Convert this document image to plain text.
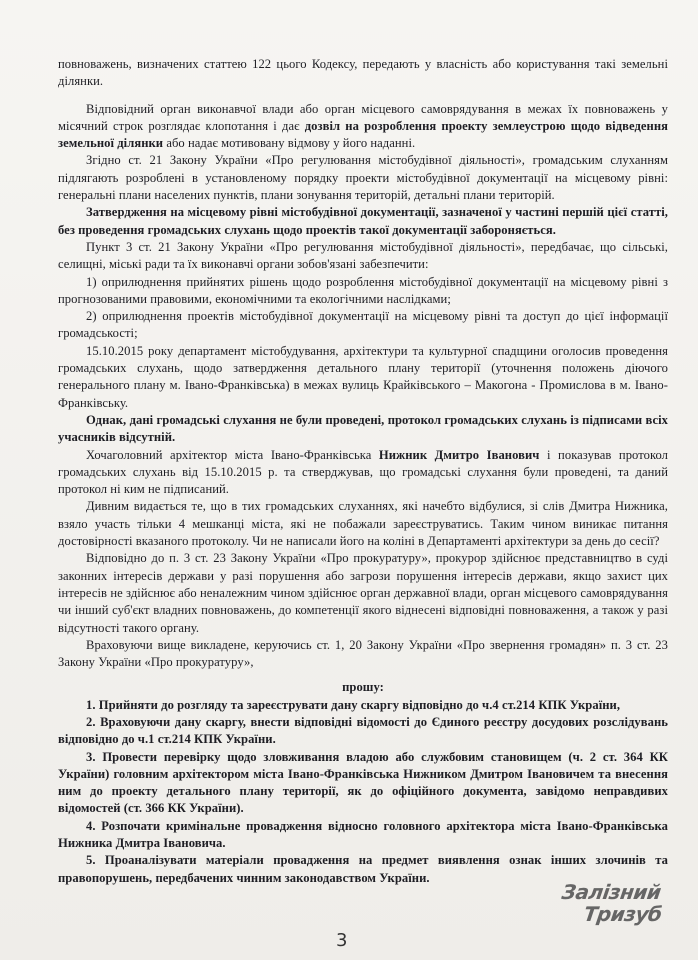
повноважень, визначених статтею 122 цього Кодексу, передають у власність або користування такі земельні ділянки.

Відповідний орган виконавчої влади або орган місцевого самоврядування в межах їх повноважень у місячний строк розглядає клопотання і дає дозвіл на розроблення проекту землеустрою щодо відведення земельної ділянки або надає мотивовану відмову у його наданні.

Згідно ст. 21 Закону України «Про регулювання містобудівної діяльності», громадським слуханням підлягають розроблені в установленому порядку проекти містобудівної документації на місцевому рівні: генеральні плани населених пунктів, плани зонування територій, детальні плани територій.

Затвердження на місцевому рівні містобудівної документації, зазначеної у частині першій цієї статті, без проведення громадських слухань щодо проектів такої документації забороняється.

Пункт 3 ст. 21 Закону України «Про регулювання містобудівної діяльності», передбачає, що сільські, селищні, міські ради та їх виконавчі органи зобов'язані забезпечити:

1) оприлюднення прийнятих рішень щодо розроблення містобудівної документації на місцевому рівні з прогнозованими правовими, економічними та екологічними наслідками;

2) оприлюднення проектів містобудівної документації на місцевому рівні та доступ до цієї інформації громадськості;

15.10.2015 року департамент містобудування, архітектури та культурної спадщини оголосив проведення громадських слухань, щодо затвердження детального плану території (уточнення положень діючого генерального плану м. Івано-Франківська) в межах вулиць Крайківського – Макогона - Промислова в м. Івано-Франківську.

Однак, дані громадські слухання не були проведені, протокол громадських слухань із підписами всіх учасників відсутній.

Хочаголовний архітектор міста Івано-Франківська Нижник Дмитро Іванович і показував протокол громадських слухань від 15.10.2015 р. та стверджував, що громадські слухання були проведені, та даний протокол ні ким не підписаний.

Дивним видається те, що в тих громадських слуханнях, які начебто відбулися, зі слів Дмитра Нижника, взяло участь тільки 4 мешканці міста, які не побажали зареєструватись. Таким чином виникає питання достовірності вказаного протоколу. Чи не написали його на коліні в Департаменті архітектури за день до сесії?

Відповідно до п. 3 ст. 23 Закону України «Про прокуратуру», прокурор здійснює представництво в суді законних інтересів держави у разі порушення або загрози порушення інтересів держави, якщо захист цих інтересів не здійснює або неналежним чином здійснює орган державної влади, орган місцевого самоврядування чи інший суб'єкт владних повноважень, до компетенції якого віднесені відповідні повноваження, а також у разі відсутності такого органу.

Враховуючи вище викладене, керуючись ст. 1, 20 Закону України «Про звернення громадян» п. 3 ст. 23 Закону України «Про прокуратуру»,

прошу:

1. Прийняти до розгляду та зареєструвати дану скаргу відповідно до ч.4 ст.214 КПК України,

2. Враховуючи дану скаргу, внести відповідні відомості до Єдиного реєстру досудових розслідувань відповідно до ч.1 ст.214 КПК України.

3. Провести перевірку щодо зловживання владою або службовим становищем (ч. 2 ст. 364 КК України) головним архітектором міста Івано-Франківська Нижником Дмитром Івановичем та внесення ним до проекту детального плану території, як до офіційного документа, завідомо неправдивих відомостей (ст. 366 КК України).

4. Розпочати кримінальне провадження відносно головного архітектора міста Івано-Франківська Нижника Дмитра Івановича.

5. Проаналізувати матеріали провадження на предмет виявлення ознак інших злочинів та правопорушень, передбачених чинним законодавством України.

Залізний
Тризуб
3
